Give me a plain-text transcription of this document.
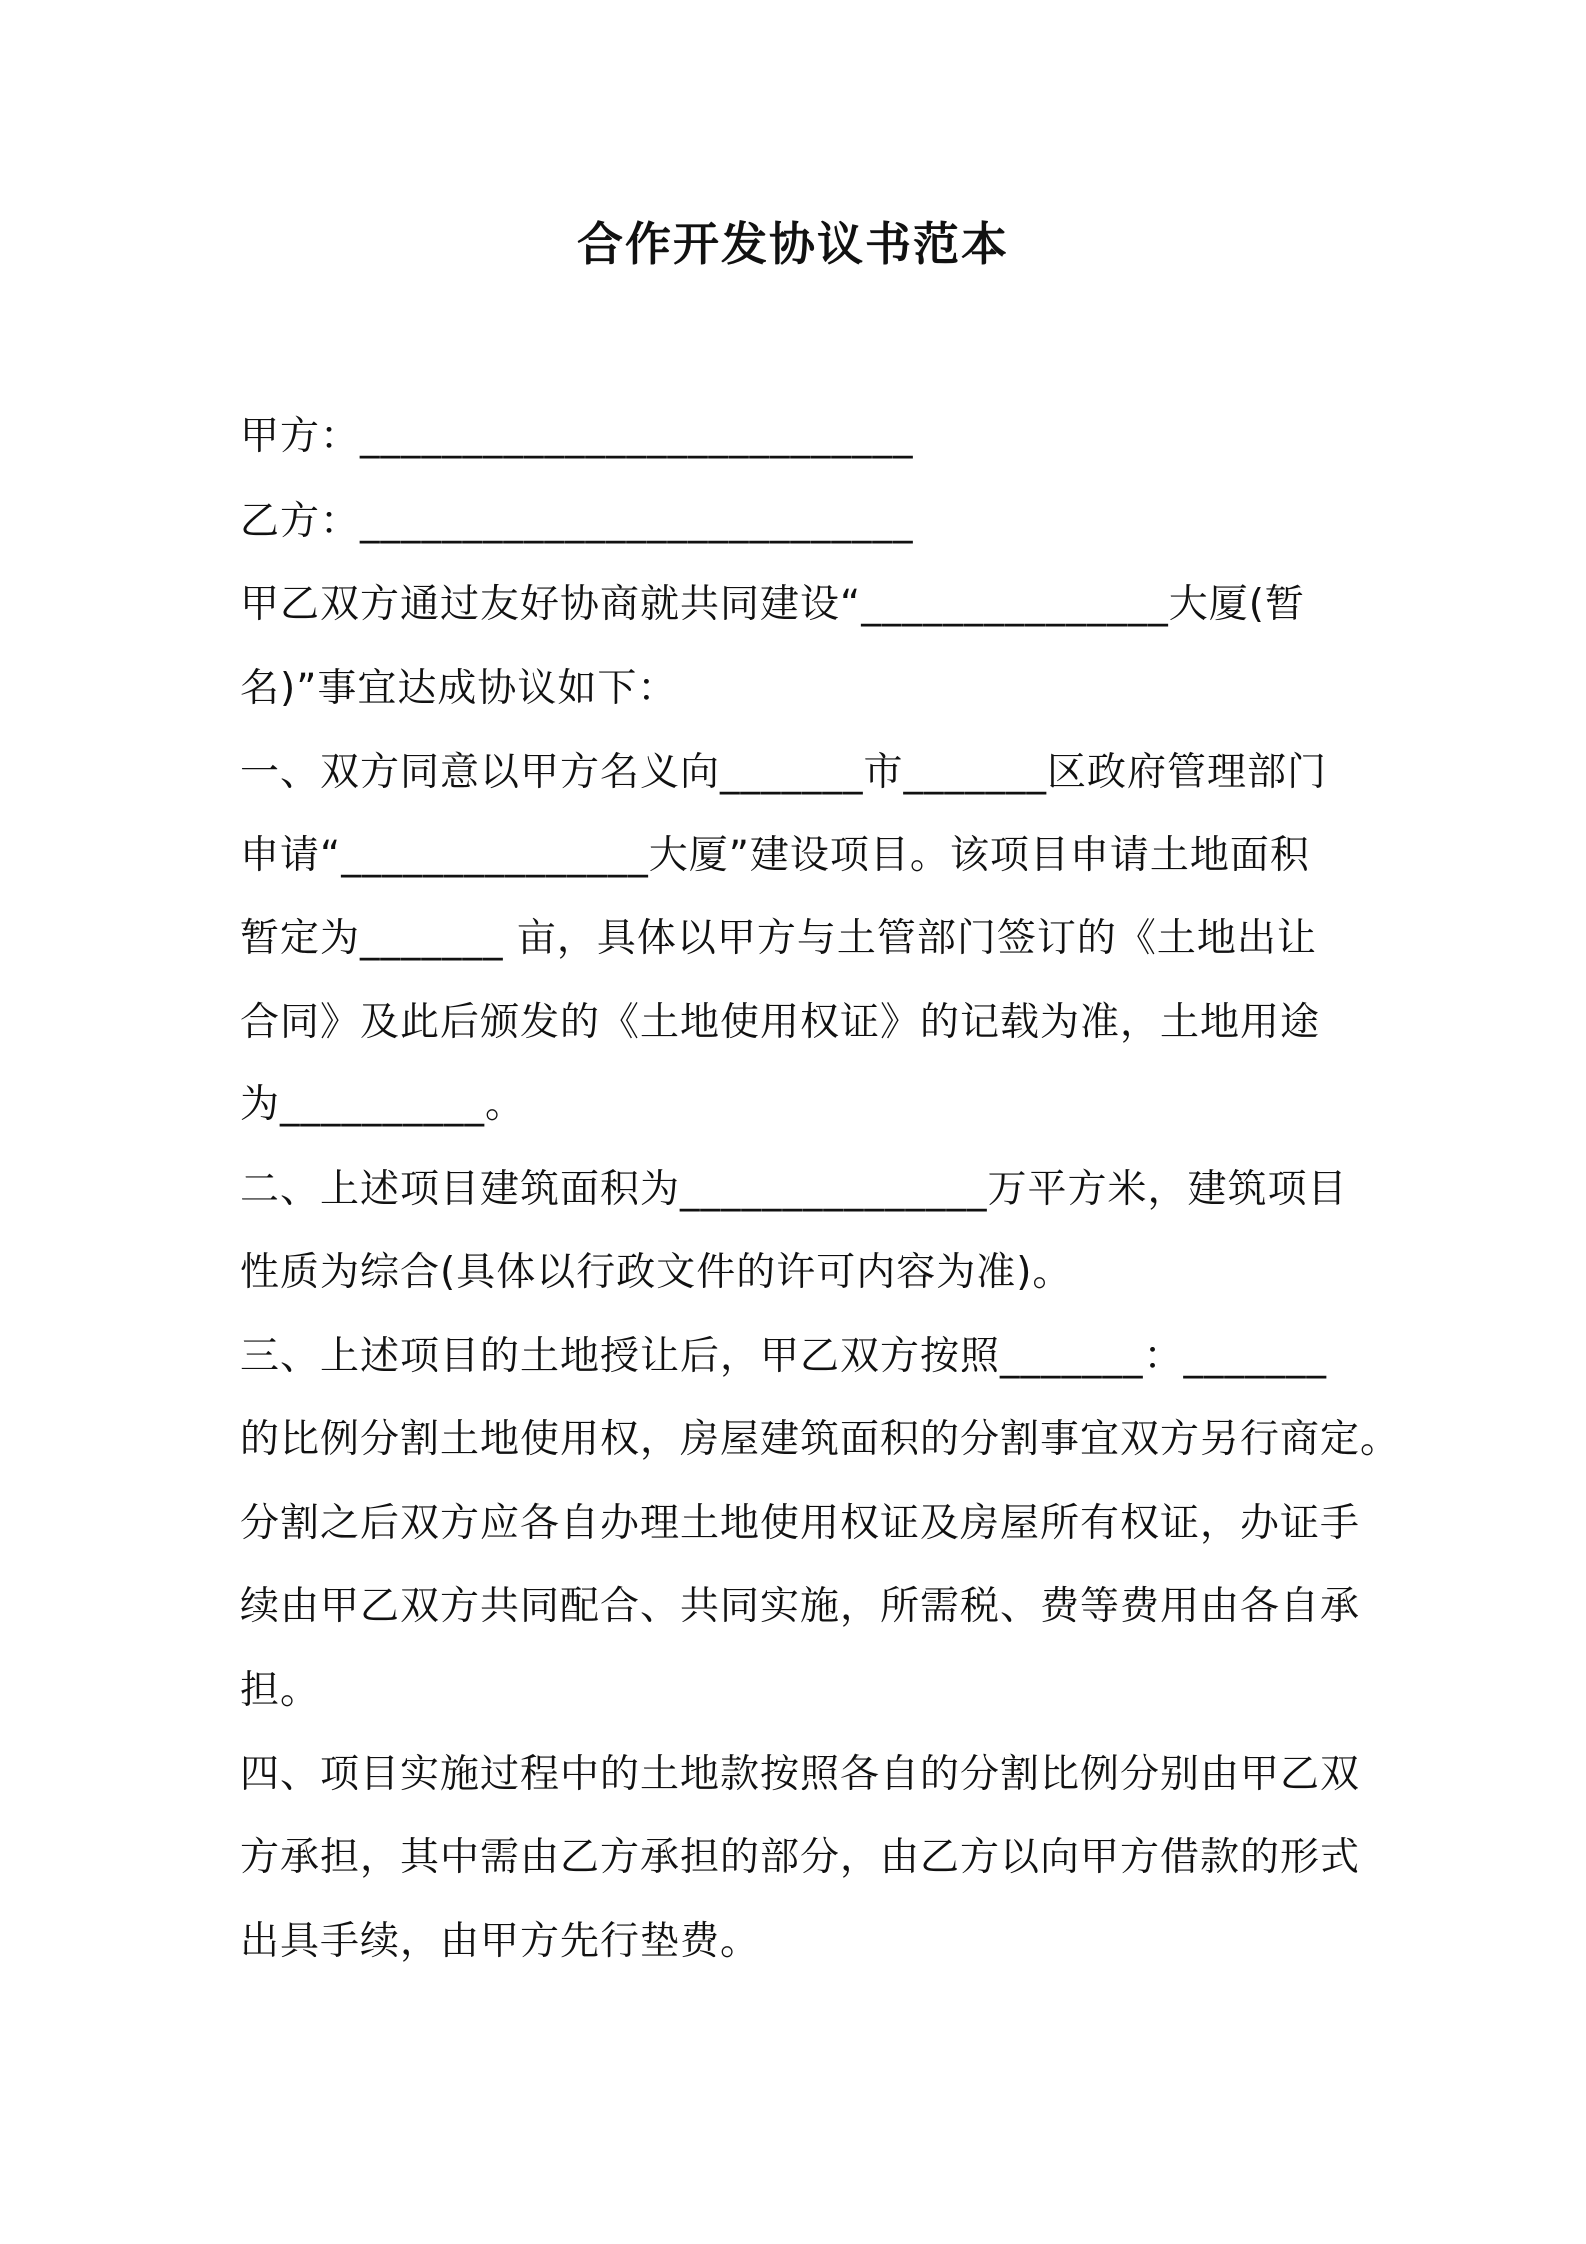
合作开发协议书范本
甲方：___________________________
乙方：___________________________
甲乙双方通过友好协商就共同建设“_______________大厦(暂
名)”事宜达成协议如下：
一、双方同意以甲方名义向_______市_______区政府管理部门
申请“_______________大厦”建设项目。该项目申请土地面积
暂定为_______ 亩，具体以甲方与土管部门签订的《土地出让
合同》及此后颁发的《土地使用权证》的记载为准，土地用途
为__________。
二、上述项目建筑面积为_______________万平方米，建筑项目
性质为综合(具体以行政文件的许可内容为准)。
三、上述项目的土地授让后，甲乙双方按照_______：_______
的比例分割土地使用权，房屋建筑面积的分割事宜双方另行商定。
分割之后双方应各自办理土地使用权证及房屋所有权证，办证手
续由甲乙双方共同配合、共同实施，所需税、费等费用由各自承
担。
四、项目实施过程中的土地款按照各自的分割比例分别由甲乙双
方承担，其中需由乙方承担的部分，由乙方以向甲方借款的形式
出具手续，由甲方先行垫费。
